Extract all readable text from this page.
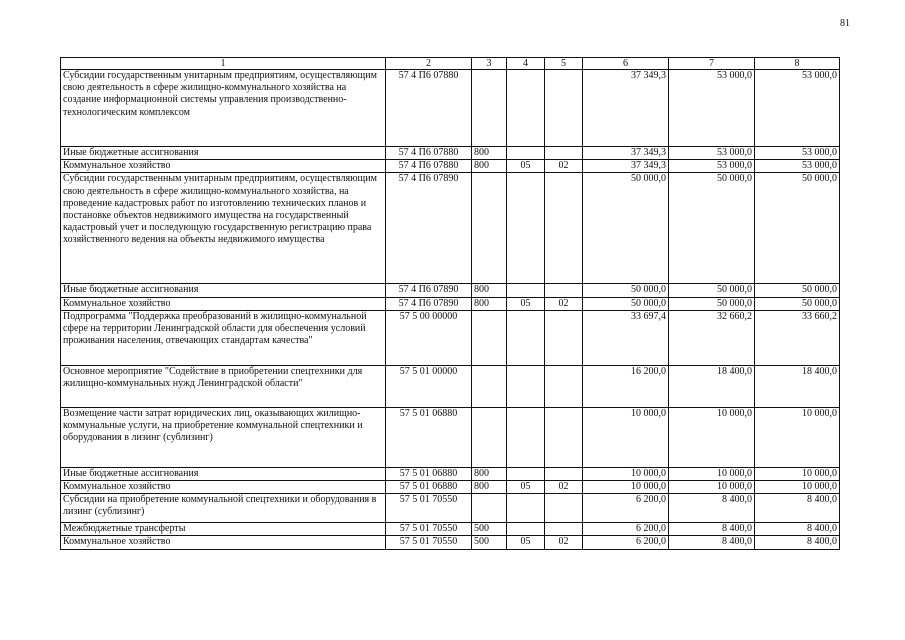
81
1	2	3	4	5	6	7	8
Субсидии государственным унитарным предприятиям, осуществляющим свою деятельность в сфере жилищно-коммунального хозяйства на создание информационной системы управления производственно-технологическим комплексом	57 4 П6 07880				37 349,3	53 000,0	53 000,0
Иные бюджетные ассигнования	57 4 П6 07880	800			37 349,3	53 000,0	53 000,0
Коммунальное хозяйство	57 4 П6 07880	800	05	02	37 349,3	53 000,0	53 000,0
Субсидии государственным унитарным предприятиям, осуществляющим свою деятельность в сфере жилищно-коммунального хозяйства, на проведение кадастровых работ по изготовлению технических планов и постановке объектов недвижимого имущества на государственный кадастровый учет и последующую государственную регистрацию права хозяйственного ведения на объекты недвижимого имущества	57 4 П6 07890				50 000,0	50 000,0	50 000,0
Иные бюджетные ассигнования	57 4 П6 07890	800			50 000,0	50 000,0	50 000,0
Коммунальное хозяйство	57 4 П6 07890	800	05	02	50 000,0	50 000,0	50 000,0
Подпрограмма "Поддержка преобразований в жилищно-коммунальной сфере на территории Ленинградской области для обеспечения условий проживания населения, отвечающих стандартам качества"	57 5 00 00000				33 697,4	32 660,2	33 660,2
Основное мероприятие "Содействие в приобретении спецтехники для жилищно-коммунальных нужд Ленинградской области"	57 5 01 00000				16 200,0	18 400,0	18 400,0
Возмещение части затрат юридических лиц, оказывающих жилищно-коммунальные услуги, на приобретение коммунальной спецтехники и оборудования в лизинг (сублизинг)	57 5 01 06880				10 000,0	10 000,0	10 000,0
Иные бюджетные ассигнования	57 5 01 06880	800			10 000,0	10 000,0	10 000,0
Коммунальное хозяйство	57 5 01 06880	800	05	02	10 000,0	10 000,0	10 000,0
Субсидии на приобретение коммунальной спецтехники и оборудования в лизинг (сублизинг)	57 5 01 70550				6 200,0	8 400,0	8 400,0
Межбюджетные трансферты	57 5 01 70550	500			6 200,0	8 400,0	8 400,0
Коммунальное хозяйство	57 5 01 70550	500	05	02	6 200,0	8 400,0	8 400,0
